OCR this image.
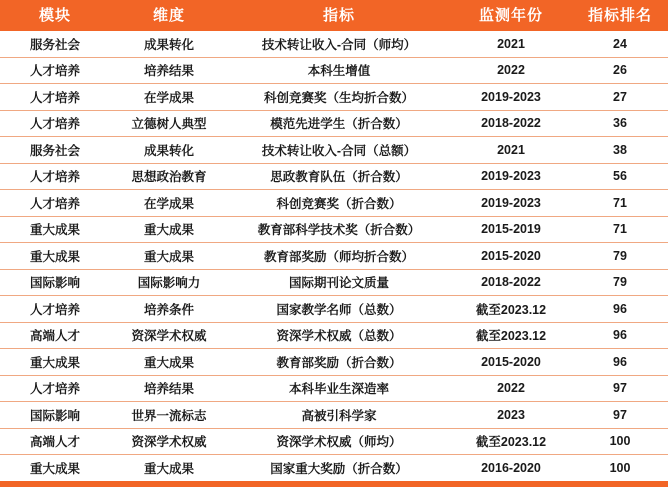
模块	维度	指标	监测年份	指标排名
服务社会	成果转化	技术转让收入-合同（师均）	2021	24
人才培养	培养结果	本科生增值	2022	26
人才培养	在学成果	科创竞赛奖（生均折合数）	2019-2023	27
人才培养	立德树人典型	模范先进学生（折合数）	2018-2022	36
服务社会	成果转化	技术转让收入-合同（总额）	2021	38
人才培养	思想政治教育	思政教育队伍（折合数）	2019-2023	56
人才培养	在学成果	科创竞赛奖（折合数）	2019-2023	71
重大成果	重大成果	教育部科学技术奖（折合数）	2015-2019	71
重大成果	重大成果	教育部奖励（师均折合数）	2015-2020	79
国际影响	国际影响力	国际期刊论文质量	2018-2022	79
人才培养	培养条件	国家教学名师（总数）	截至2023.12	96
高端人才	资深学术权威	资深学术权威（总数）	截至2023.12	96
重大成果	重大成果	教育部奖励（折合数）	2015-2020	96
人才培养	培养结果	本科毕业生深造率	2022	97
国际影响	世界一流标志	高被引科学家	2023	97
高端人才	资深学术权威	资深学术权威（师均）	截至2023.12	100
重大成果	重大成果	国家重大奖励（折合数）	2016-2020	100
